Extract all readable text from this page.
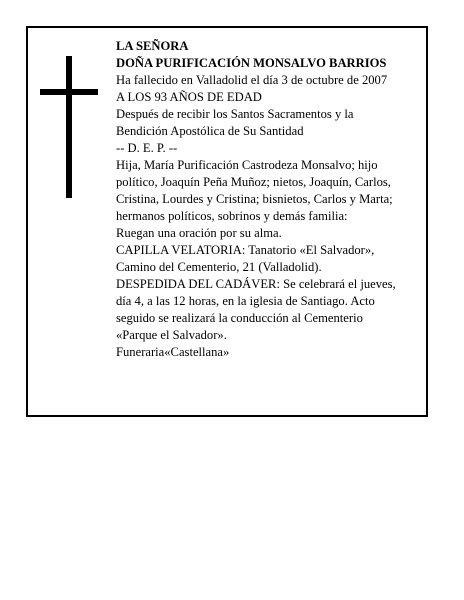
LA SEÑORA
DOÑA PURIFICACIÓN MONSALVO BARRIOS
Ha fallecido en Valladolid el día 3 de octubre de 2007
A LOS 93 AÑOS DE EDAD
Después de recibir los Santos Sacramentos y la
Bendición Apostólica de Su Santidad
-- D. E. P. --
Hija, María Purificación Castrodeza Monsalvo; hijo
político, Joaquín Peña Muñoz; nietos, Joaquín, Carlos,
Cristina, Lourdes y Cristina; bisnietos, Carlos y Marta;
hermanos políticos, sobrinos y demás familia:
Ruegan una oración por su alma.
CAPILLA VELATORIA: Tanatorio «El Salvador»,
Camino del Cementerio, 21 (Valladolid).
DESPEDIDA DEL CADÁVER: Se celebrará el jueves,
día 4, a las 12 horas, en la iglesia de Santiago. Acto
seguido se realizará la conducción al Cementerio
«Parque el Salvador».
Funeraria«Castellana»
